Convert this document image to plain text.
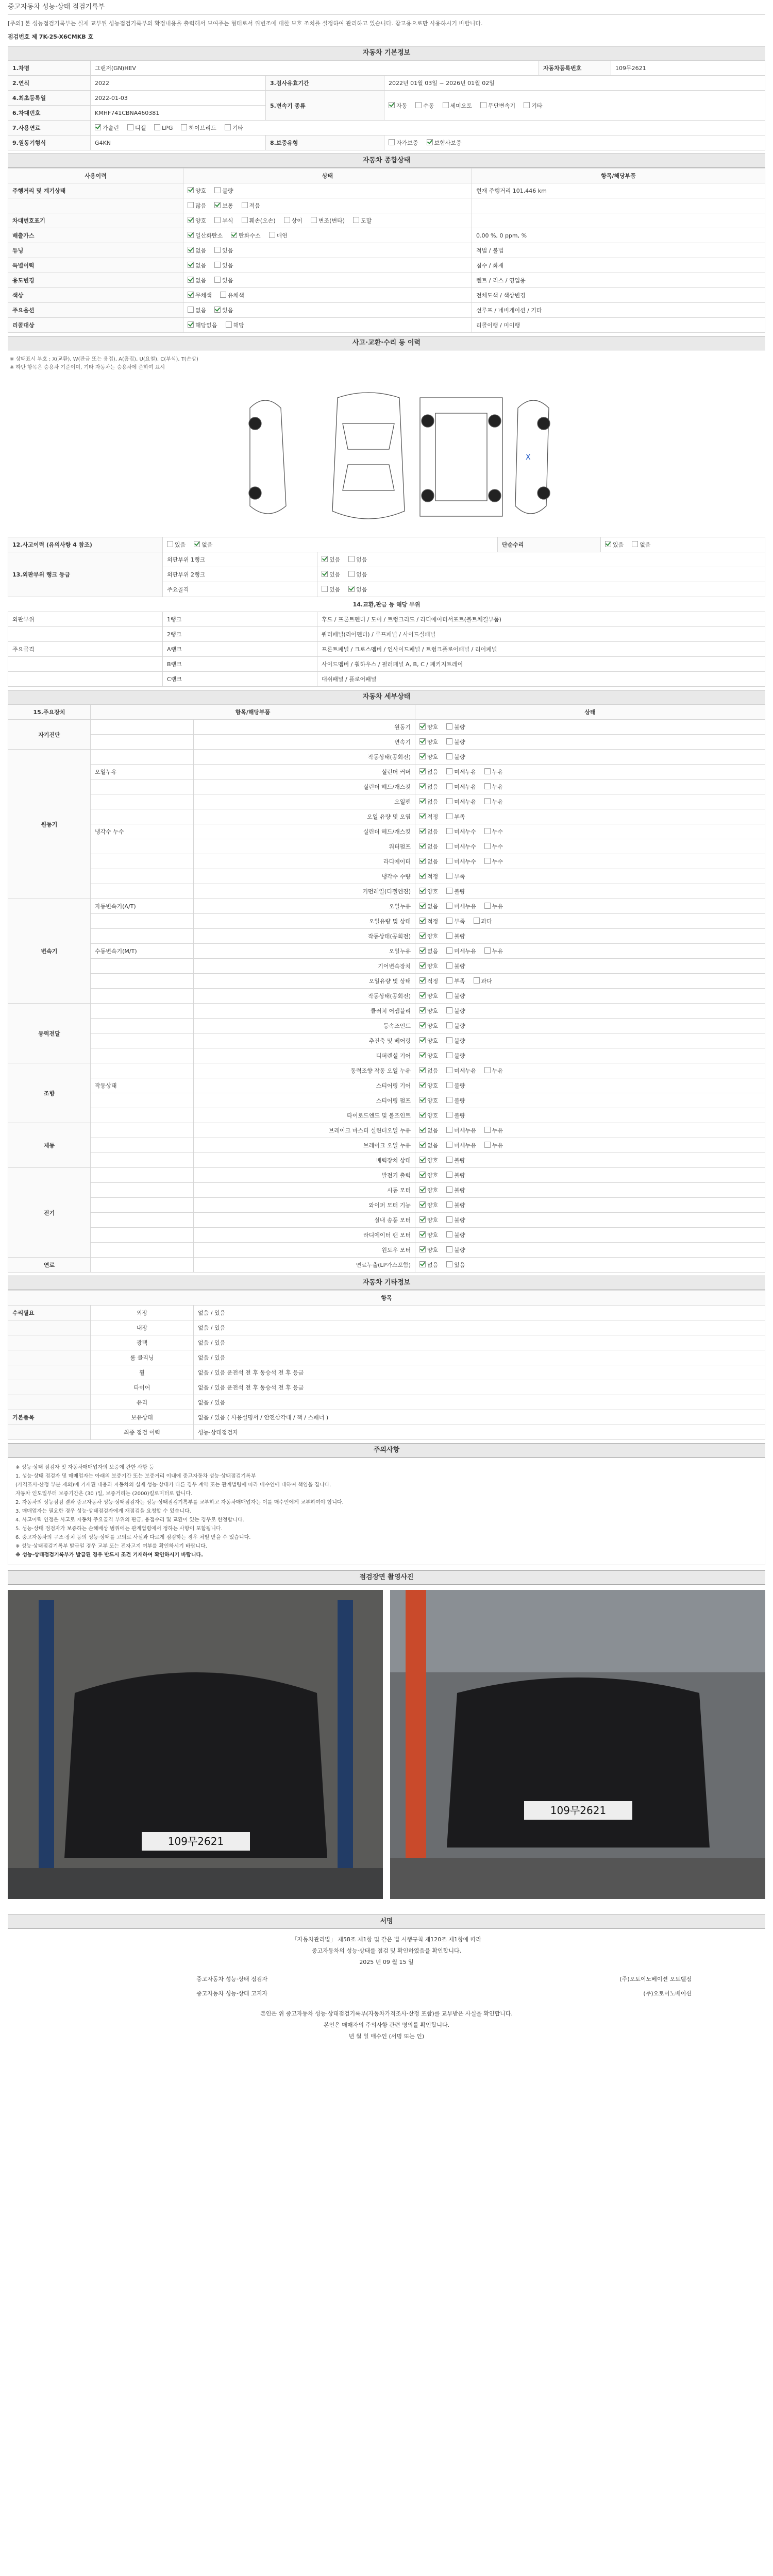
중고자동차 성능·상태 점검기록부
[주의] 본 성능점검기록부는 실제 교부된 성능점검기록부의 확정내용을 출력해서 보여주는 형태로서 위변조에 대한 보호 조치를 설정하여 관리하고 있습니다. 참고용으로만 사용하시기 바랍니다.
점검번호 제 7K-25-X6CMKB 호
자동차 기본정보
1.차명	그랜저(GN)HEV			자동차등록번호	109무2621
2.연식	2022	3.검사유효기간	2022년 01월 03일 ~ 2026년 01월 02일		
4.최초등록일	2022-01-03	5.변속기 종류	자동 수동 세미오토 무단변속기 기타		
6.차대번호	KMHF741CBNA460381				
7.사용연료	가솔린 디젤 LPG 하이브리드 기타				
9.원동기형식	G4KN	8.보증유형	자가보증 보험사보증		
자동차 종합상태
사용이력	상태	항목/해당부품
주행거리 및 계기상태	양호 불량	현재 주행거리 101,446 km
	많음 보통 적음	
차대번호표기	양호 부식 훼손(오손) 상이 변조(변타) 도말	
배출가스	일산화탄소 탄화수소 매연	0.00 %, 0 ppm, %
튜닝	없음 있음	적법 / 불법
특별이력	없음 있음	침수 / 화재
용도변경	없음 있음	렌트 / 리스 / 영업용
색상	무채색 유채색	전체도색 / 색상변경
주요옵션	없음 있음	선루프 / 네비게이션 / 기타
리콜대상	해당없음 해당	리콜이행 / 미이행
사고·교환·수리 등 이력
※ 상태표시 부호 : X(교환), W(판금 또는 용접), A(흠집), U(요철), C(부식), T(손상)
※ 하단 항목은 승용차 기준이며, 기타 자동차는 승용차에 준하여 표시
X
12.사고이력 (유의사항 4 참조)	있음 없음		단순수리	있음 없음
13.외판부위 랭크 등급	외판부위 1랭크	있음 없음		
	외판부위 2랭크	있음 없음		
	주요골격	있음 없음		
14.교환,판금 등 해당 부위
외판부위	1랭크	후드 / 프론트펜더 / 도어 / 트렁크리드 / 라디에이터서포트(볼트체결부품)
	2랭크	쿼터패널(리어펜더) / 루프패널 / 사이드실패널
주요골격	A랭크	프론트패널 / 크로스멤버 / 인사이드패널 / 트렁크플로어패널 / 리어패널
	B랭크	사이드멤버 / 휠하우스 / 필러패널 A, B, C / 패키지트레이
	C랭크	대쉬패널 / 플로어패널
자동차 세부상태
15.주요장치	항목/해당부품		상태
자기진단		원동기	양호 불량
		변속기	양호 불량
원동기		작동상태(공회전)	양호 불량
	오일누유	실린더 커버	없음 미세누유 누유
		실린더 헤드/개스킷	없음 미세누유 누유
		오일팬	없음 미세누유 누유
		오일 유량 및 오염	적정 부족
	냉각수 누수	실린더 헤드/개스킷	없음 미세누수 누수
		워터펌프	없음 미세누수 누수
		라디에이터	없음 미세누수 누수
		냉각수 수량	적정 부족
		커먼레일(디젤엔진)	양호 불량
변속기	자동변속기(A/T)	오일누유	없음 미세누유 누유
		오일유량 및 상태	적정 부족 과다
		작동상태(공회전)	양호 불량
	수동변속기(M/T)	오일누유	없음 미세누유 누유
		기어변속장치	양호 불량
		오일유량 및 상태	적정 부족 과다
		작동상태(공회전)	양호 불량
동력전달		클러치 어셈블리	양호 불량
		등속조인트	양호 불량
		추진축 및 베어링	양호 불량
		디퍼렌셜 기어	양호 불량
조향		동력조향 작동 오일 누유	없음 미세누유 누유
	작동상태	스티어링 기어	양호 불량
		스티어링 펌프	양호 불량
		타이로드엔드 및 볼조인트	양호 불량
제동		브레이크 마스터 실린더오일 누유	없음 미세누유 누유
		브레이크 오일 누유	없음 미세누유 누유
		배력장치 상태	양호 불량
전기		발전기 출력	양호 불량
		시동 모터	양호 불량
		와이퍼 모터 기능	양호 불량
		실내 송풍 모터	양호 불량
		라디에이터 팬 모터	양호 불량
		윈도우 모터	양호 불량
연료		연료누출(LP가스포함)	없음 있음
자동차 기타정보
항목		
수리필요	외장	없음 / 있음
	내장	없음 / 있음
	광택	없음 / 있음
	룸 클리닝	없음 / 있음
	휠	없음 / 있음 운전석 전 후 동승석 전 후 응급
	타이어	없음 / 있음 운전석 전 후 동승석 전 후 응급
	유리	없음 / 있음
기본품목	보유상태	없음 / 있음 ( 사용설명서 / 안전삼각대 / 잭 / 스패너 )
	최종 점검 이력	성능·상태점검자
주의사항
※ 성능·상태 점검자 및 자동차매매업자의 보증에 관한 사항 등
1. 성능·상태 점검자 및 매매업자는 아래의 보증기간 또는 보증거리 이내에 중고자동차 성능·상태점검기록부
(가격조사·산정 부분 제외)에 기재된 내용과 자동차의 실제 성능·상태가 다른 경우 계약 또는 관계법령에 따라 매수인에 대하여 책임을 집니다.
자동차 인도일부터 보증기간은 (30 )일, 보증거리는 (2000)킬로미터로 합니다.
2. 자동차의 성능점검 결과 중고자동차 성능·상태점검자는 성능·상태점검기록부를 교부하고 자동차매매업자는 이를 매수인에게 교부하여야 합니다.
3. 매매업자는 필요한 경우 성능·상태점검자에게 재점검을 요청할 수 있습니다.
4. 사고이력 인정은 사고로 자동차 주요골격 부위의 판금, 용접수리 및 교환이 있는 경우로 한정합니다.
5. 성능·상태 점검자가 보증하는 손해배상 범위에는 관계법령에서 정하는 사항이 포함됩니다.
6. 중고자동차의 구조·장치 등의 성능·상태를 고의로 사실과 다르게 점검하는 경우 처벌 받을 수 있습니다.
※ 성능·상태점검기록부 발급일 경우 교부 또는 전자고지 여부를 확인하시기 바랍니다.
※ 성능·상태점검기록부가 발급된 경우 반드시 조건 기재하여 확인하시기 바랍니다.
점검장면 촬영사진
109무2621
109무2621
서명
「자동차관리법」 제58조 제1항 및 같은 법 시행규칙 제120조 제1항에 따라
중고자동차의 성능·상태를 점검 및 확인하였음을 확인합니다.
2025 년 09 월 15 일
중고자동차 성능·상태 점검자	(주)오토이노베이션 오토벨점
중고자동차 성능·상태 고지자	(주)오토이노베이션
본인은 위 중고자동차 성능·상태점검기록부(자동차가격조사·산정 포함)를 교부받은 사실을 확인합니다.
본인은 매매자의 주의사항 관련 명의를 확인합니다.
년 월 일 매수인 (서명 또는 인)
